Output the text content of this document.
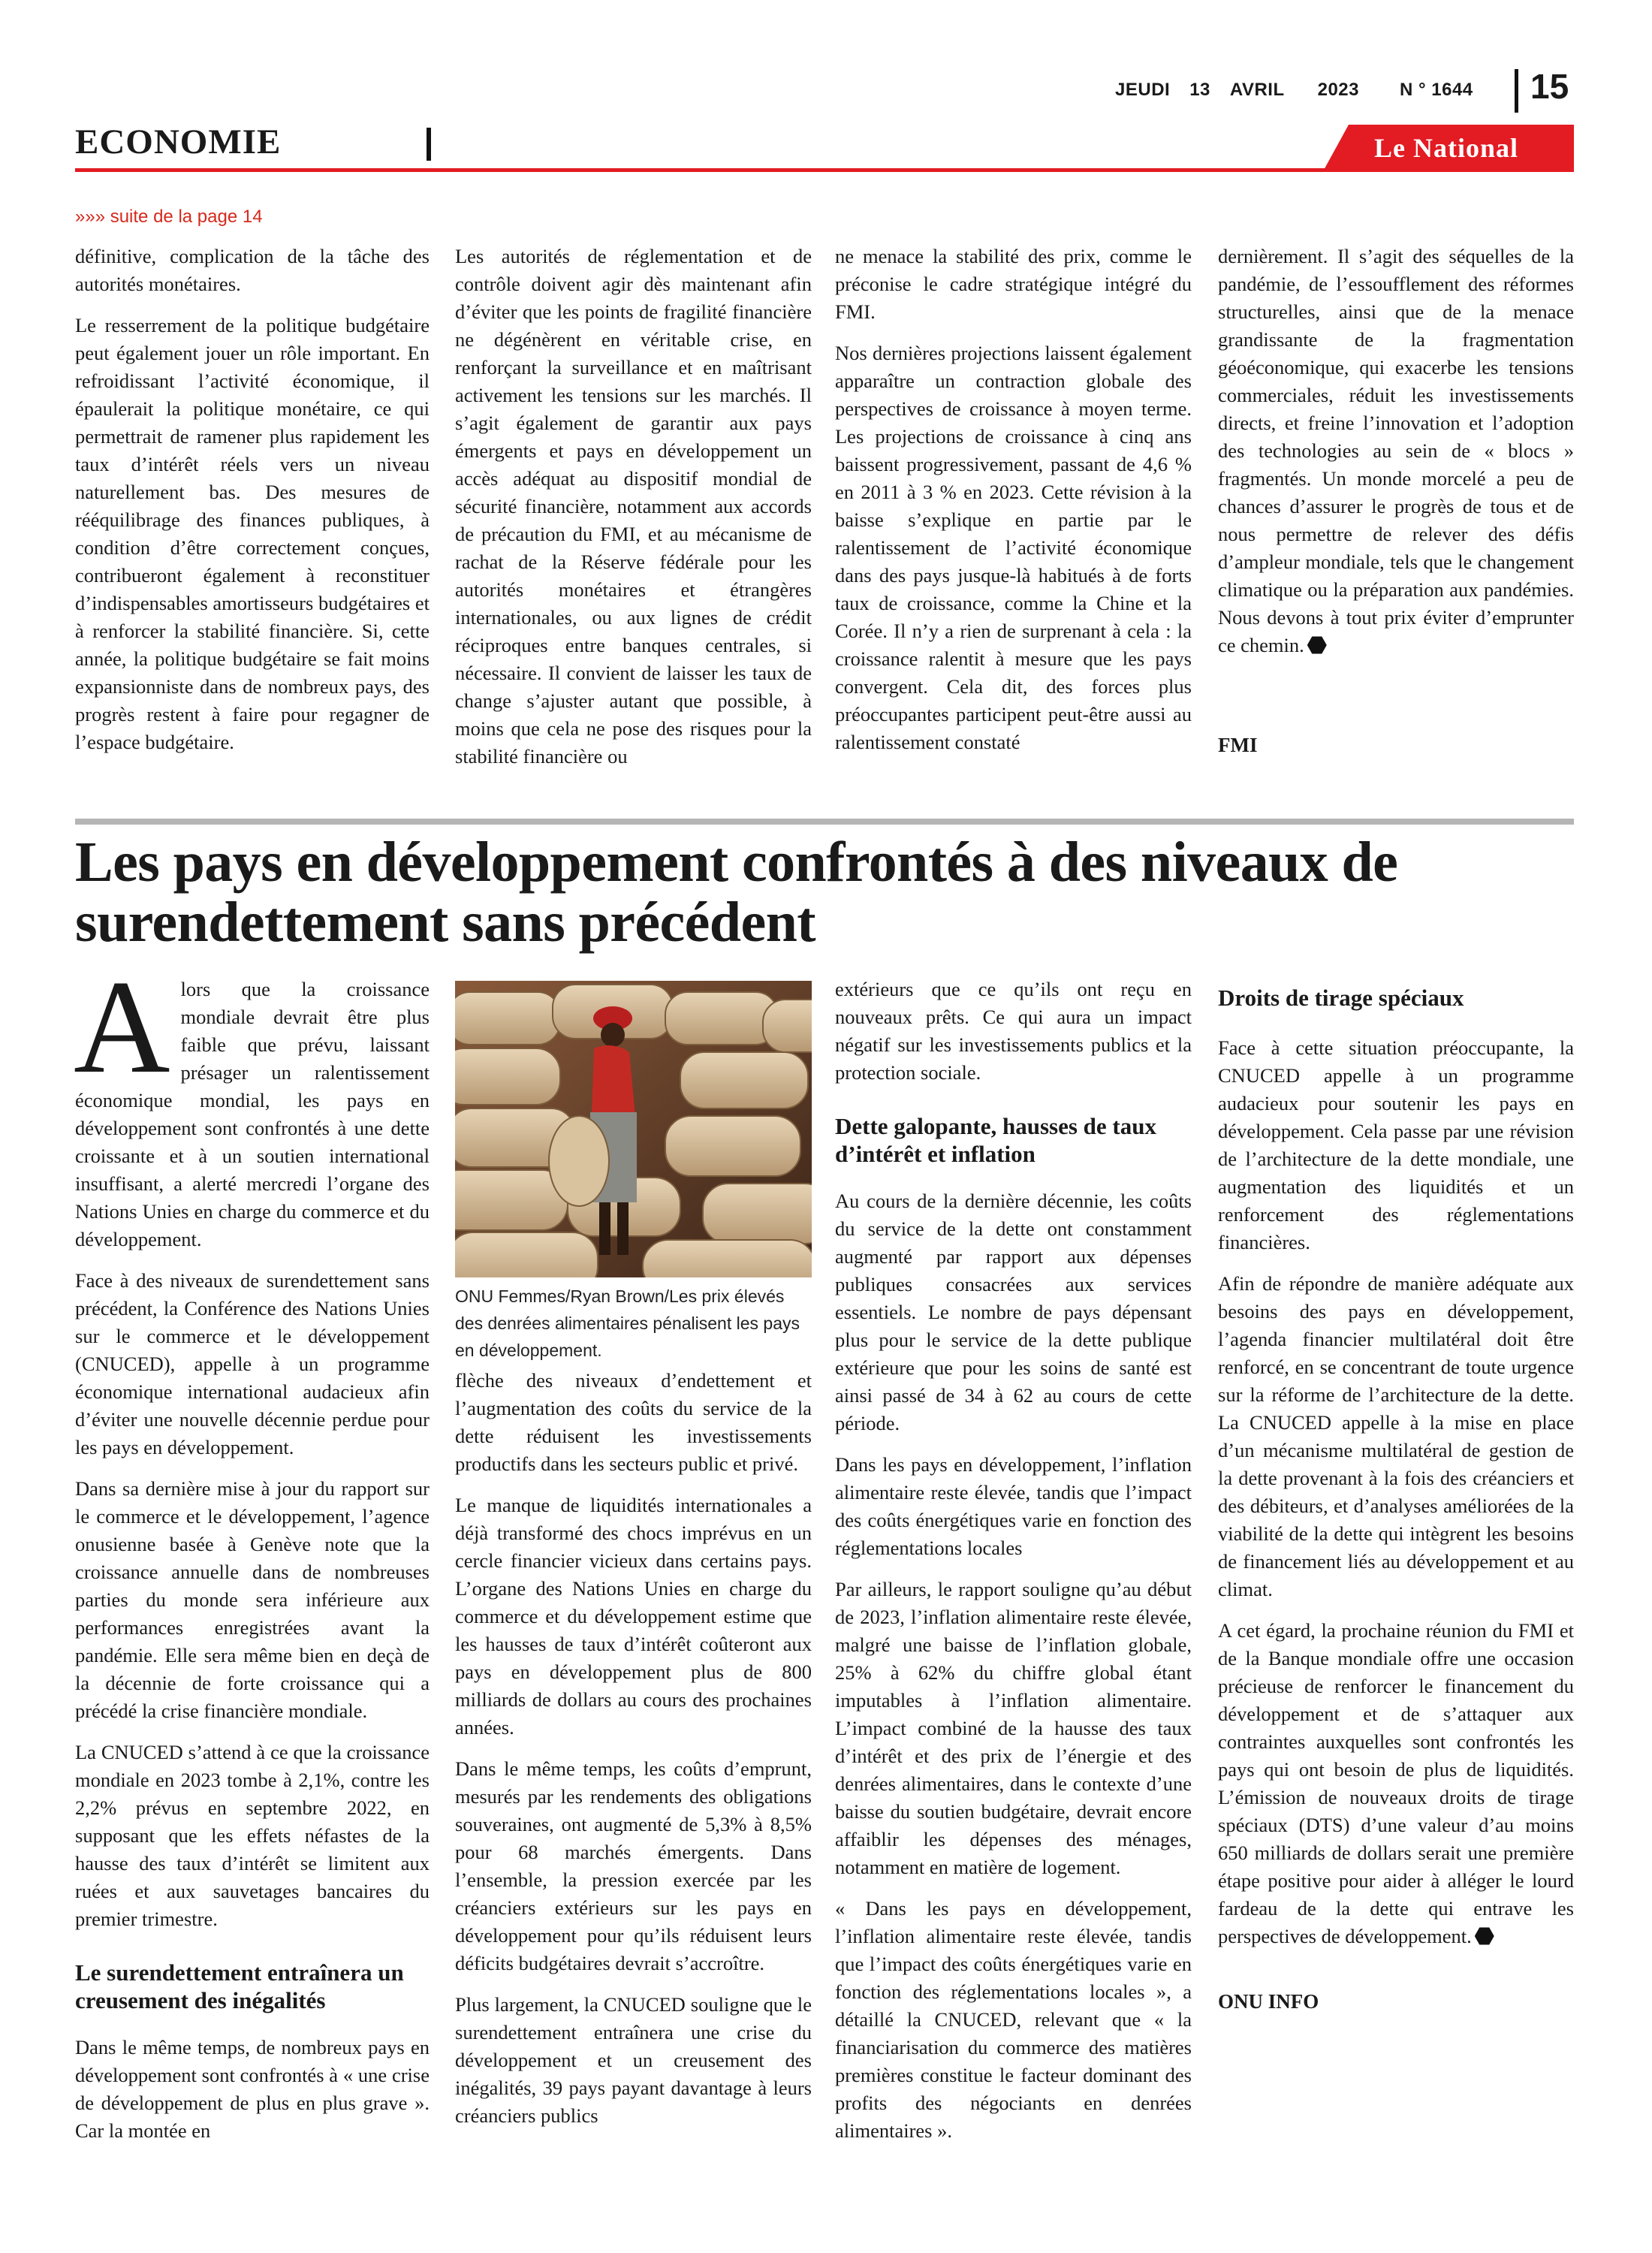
JEUDI 13 AVRIL 2023 N ° 1644 15
ECONOMIE	Le National
»»» suite de la page 14

définitive, complication de la tâche des autorités monétaires.

Le resserrement de la politique budgétaire peut également jouer un rôle important. En refroidissant l’activité économique, il épaulerait la politique monétaire, ce qui permettrait de ramener plus rapidement les taux d’intérêt réels vers un niveau naturellement bas. Des mesures de rééquilibrage des finances publiques, à condition d’être correctement conçues, contribueront également à reconstituer d’indispensables amortisseurs budgétaires et à renforcer la stabilité financière. Si, cette année, la politique budgétaire se fait moins expansionniste dans de nombreux pays, des progrès restent à faire pour regagner de l’espace budgétaire.

Les autorités de réglementation et de contrôle doivent agir dès maintenant afin d’éviter que les points de fragilité financière ne dégénèrent en véritable crise, en renforçant la surveillance et en maîtrisant activement les tensions sur les marchés. Il s’agit également de garantir aux pays émergents et pays en développement un accès adéquat au dispositif mondial de sécurité financière, notamment aux accords de précaution du FMI, et au mécanisme de rachat de la Réserve fédérale pour les autorités monétaires et étrangères internationales, ou aux lignes de crédit réciproques entre banques centrales, si nécessaire. Il convient de laisser les taux de change s’ajuster autant que possible, à moins que cela ne pose des risques pour la stabilité financière ou

ne menace la stabilité des prix, comme le préconise le cadre stratégique intégré du FMI.

Nos dernières projections laissent également apparaître un contraction globale des perspectives de croissance à moyen terme. Les projections de croissance à cinq ans baissent progressivement, passant de 4,6 % en 2011 à 3 % en 2023. Cette révision à la baisse s’explique en partie par le ralentissement de l’activité économique dans des pays jusque-là habitués à de forts taux de croissance, comme la Chine et la Corée. Il n’y a rien de surprenant à cela : la croissance ralentit à mesure que les pays convergent. Cela dit, des forces plus préoccupantes participent peut-être aussi au ralentissement constaté

dernièrement. Il s’agit des séquelles de la pandémie, de l’essoufflement des réformes structurelles, ainsi que de la menace grandissante de la fragmentation géoéconomique, qui exacerbe les tensions commerciales, réduit les investissements directs, et freine l’innovation et l’adoption des technologies au sein de « blocs » fragmentés. Un monde morcelé a peu de chances d’assurer le progrès de tous et de nous permettre de relever des défis d’ampleur mondiale, tels que le changement climatique ou la préparation aux pandémies. Nous devons à tout prix éviter d’emprunter ce chemin.

FMI
Les pays en développement confrontés à des niveaux de surendettement sans précédent

Alors que la croissance mondiale devrait être plus faible que prévu, laissant présager un ralentissement économique mondial, les pays en développement sont confrontés à une dette croissante et à un soutien international insuffisant, a alerté mercredi l’organe des Nations Unies en charge du commerce et du développement.

Face à des niveaux de surendettement sans précédent, la Conférence des Nations Unies sur le commerce et le développement (CNUCED), appelle à un programme économique international audacieux afin d’éviter une nouvelle décennie perdue pour les pays en développement.

Dans sa dernière mise à jour du rapport sur le commerce et le développement, l’agence onusienne basée à Genève note que la croissance annuelle dans de nombreuses parties du monde sera inférieure aux performances enregistrées avant la pandémie. Elle sera même bien en deçà de la décennie de forte croissance qui a précédé la crise financière mondiale.

La CNUCED s’attend à ce que la croissance mondiale en 2023 tombe à 2,1%, contre les 2,2% prévus en septembre 2022, en supposant que les effets néfastes de la hausse des taux d’intérêt se limitent aux ruées et aux sauvetages bancaires du premier trimestre.

Le surendettement entraînera un creusement des inégalités

Dans le même temps, de nombreux pays en développement sont confrontés à « une crise de développement de plus en plus grave ». Car la montée en

ONU Femmes/Ryan Brown/Les prix élevés des denrées alimentaires pénalisent les pays en développement.

flèche des niveaux d’endettement et l’augmentation des coûts du service de la dette réduisent les investissements productifs dans les secteurs public et privé.

Le manque de liquidités internationales a déjà transformé des chocs imprévus en un cercle financier vicieux dans certains pays. L’organe des Nations Unies en charge du commerce et du développement estime que les hausses de taux d’intérêt coûteront aux pays en développement plus de 800 milliards de dollars au cours des prochaines années.

Dans le même temps, les coûts d’emprunt, mesurés par les rendements des obligations souveraines, ont augmenté de 5,3% à 8,5% pour 68 marchés émergents. Dans l’ensemble, la pression exercée par les créanciers extérieurs sur les pays en développement pour qu’ils réduisent leurs déficits budgétaires devrait s’accroître.

Plus largement, la CNUCED souligne que le surendettement entraînera une crise du développement et un creusement des inégalités, 39 pays payant davantage à leurs créanciers publics

extérieurs que ce qu’ils ont reçu en nouveaux prêts. Ce qui aura un impact négatif sur les investissements publics et la protection sociale.

Dette galopante, hausses de taux d’intérêt et inflation

Au cours de la dernière décennie, les coûts du service de la dette ont constamment augmenté par rapport aux dépenses publiques consacrées aux services essentiels. Le nombre de pays dépensant plus pour le service de la dette publique extérieure que pour les soins de santé est ainsi passé de 34 à 62 au cours de cette période.

Dans les pays en développement, l’inflation alimentaire reste élevée, tandis que l’impact des coûts énergétiques varie en fonction des réglementations locales

Par ailleurs, le rapport souligne qu’au début de 2023, l’inflation alimentaire reste élevée, malgré une baisse de l’inflation globale, 25% à 62% du chiffre global étant imputables à l’inflation alimentaire. L’impact combiné de la hausse des taux d’intérêt et des prix de l’énergie et des denrées alimentaires, dans le contexte d’une baisse du soutien budgétaire, devrait encore affaiblir les dépenses des ménages, notamment en matière de logement.

« Dans les pays en développement, l’inflation alimentaire reste élevée, tandis que l’impact des coûts énergétiques varie en fonction des réglementations locales », a détaillé la CNUCED, relevant que « la financiarisation du commerce des matières premières constitue le facteur dominant des profits des négociants en denrées alimentaires ».

Droits de tirage spéciaux

Face à cette situation préoccupante, la CNUCED appelle à un programme audacieux pour soutenir les pays en développement. Cela passe par une révision de l’architecture de la dette mondiale, une augmentation des liquidités et un renforcement des réglementations financières.

Afin de répondre de manière adéquate aux besoins des pays en développement, l’agenda financier multilatéral doit être renforcé, en se concentrant de toute urgence sur la réforme de l’architecture de la dette. La CNUCED appelle à la mise en place d’un mécanisme multilatéral de gestion de la dette provenant à la fois des créanciers et des débiteurs, et d’analyses améliorées de la viabilité de la dette qui intègrent les besoins de financement liés au développement et au climat.

A cet égard, la prochaine réunion du FMI et de la Banque mondiale offre une occasion précieuse de renforcer le financement du développement et de s’attaquer aux contraintes auxquelles sont confrontés les pays qui ont besoin de plus de liquidités. L’émission de nouveaux droits de tirage spéciaux (DTS) d’une valeur d’au moins 650 milliards de dollars serait une première étape positive pour aider à alléger le lourd fardeau de la dette qui entrave les perspectives de développement.

ONU INFO
